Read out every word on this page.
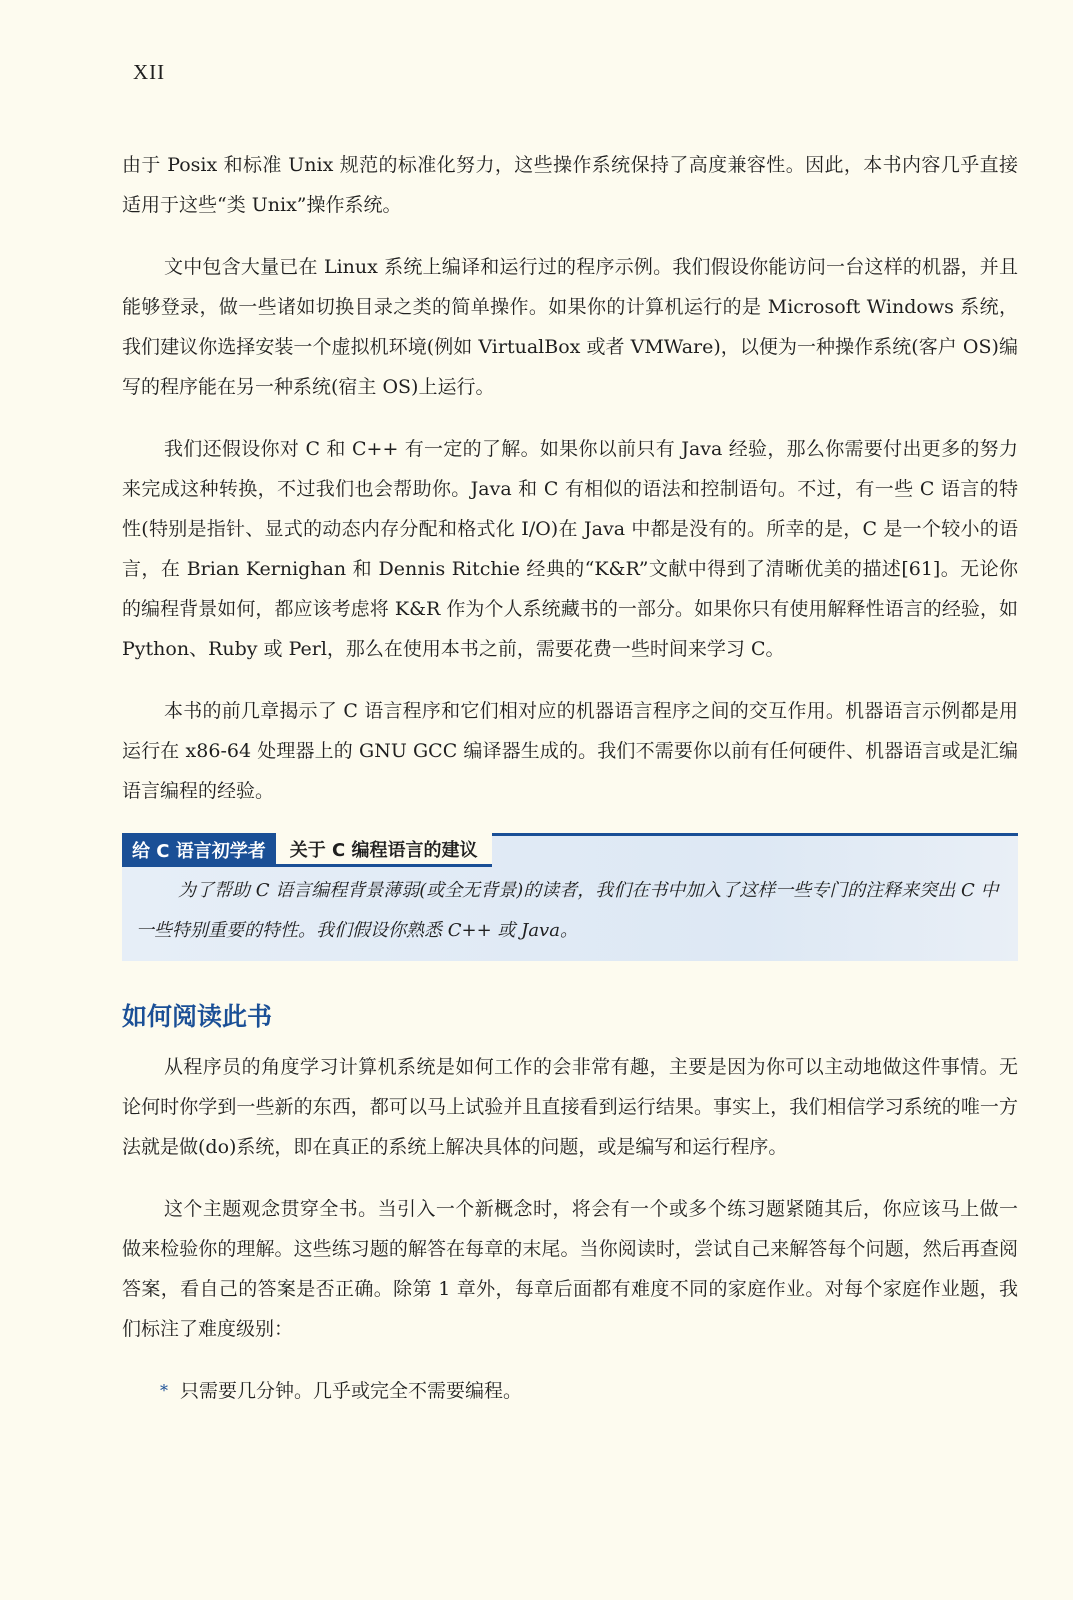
XII

由于 Posix 和标准 Unix 规范的标准化努力，这些操作系统保持了高度兼容性。因此，本书内容几乎直接适用于这些“类 Unix”操作系统。

文中包含大量已在 Linux 系统上编译和运行过的程序示例。我们假设你能访问一台这样的机器，并且能够登录，做一些诸如切换目录之类的简单操作。如果你的计算机运行的是 Microsoft Windows 系统，我们建议你选择安装一个虚拟机环境(例如 VirtualBox 或者 VMWare)，以便为一种操作系统(客户 OS)编写的程序能在另一种系统(宿主 OS)上运行。

我们还假设你对 C 和 C++ 有一定的了解。如果你以前只有 Java 经验，那么你需要付出更多的努力来完成这种转换，不过我们也会帮助你。Java 和 C 有相似的语法和控制语句。不过，有一些 C 语言的特性(特别是指针、显式的动态内存分配和格式化 I/O)在 Java 中都是没有的。所幸的是，C 是一个较小的语言，在 Brian Kernighan 和 Dennis Ritchie 经典的“K&R”文献中得到了清晰优美的描述[61]。无论你的编程背景如何，都应该考虑将 K&R 作为个人系统藏书的一部分。如果你只有使用解释性语言的经验，如Python、Ruby 或 Perl，那么在使用本书之前，需要花费一些时间来学习 C。

本书的前几章揭示了 C 语言程序和它们相对应的机器语言程序之间的交互作用。机器语言示例都是用运行在 x86-64 处理器上的 GNU GCC 编译器生成的。我们不需要你以前有任何硬件、机器语言或是汇编语言编程的经验。

给 C 语言初学者	关于 C 编程语言的建议
为了帮助 C 语言编程背景薄弱(或全无背景)的读者，我们在书中加入了这样一些专门的注释来突出 C 中一些特别重要的特性。我们假设你熟悉 C++ 或 Java。
如何阅读此书

从程序员的角度学习计算机系统是如何工作的会非常有趣，主要是因为你可以主动地做这件事情。无论何时你学到一些新的东西，都可以马上试验并且直接看到运行结果。事实上，我们相信学习系统的唯一方法就是做(do)系统，即在真正的系统上解决具体的问题，或是编写和运行程序。

这个主题观念贯穿全书。当引入一个新概念时，将会有一个或多个练习题紧随其后，你应该马上做一做来检验你的理解。这些练习题的解答在每章的末尾。当你阅读时，尝试自己来解答每个问题，然后再查阅答案，看自己的答案是否正确。除第 1 章外，每章后面都有难度不同的家庭作业。对每个家庭作业题，我们标注了难度级别：

* 只需要几分钟。几乎或完全不需要编程。
